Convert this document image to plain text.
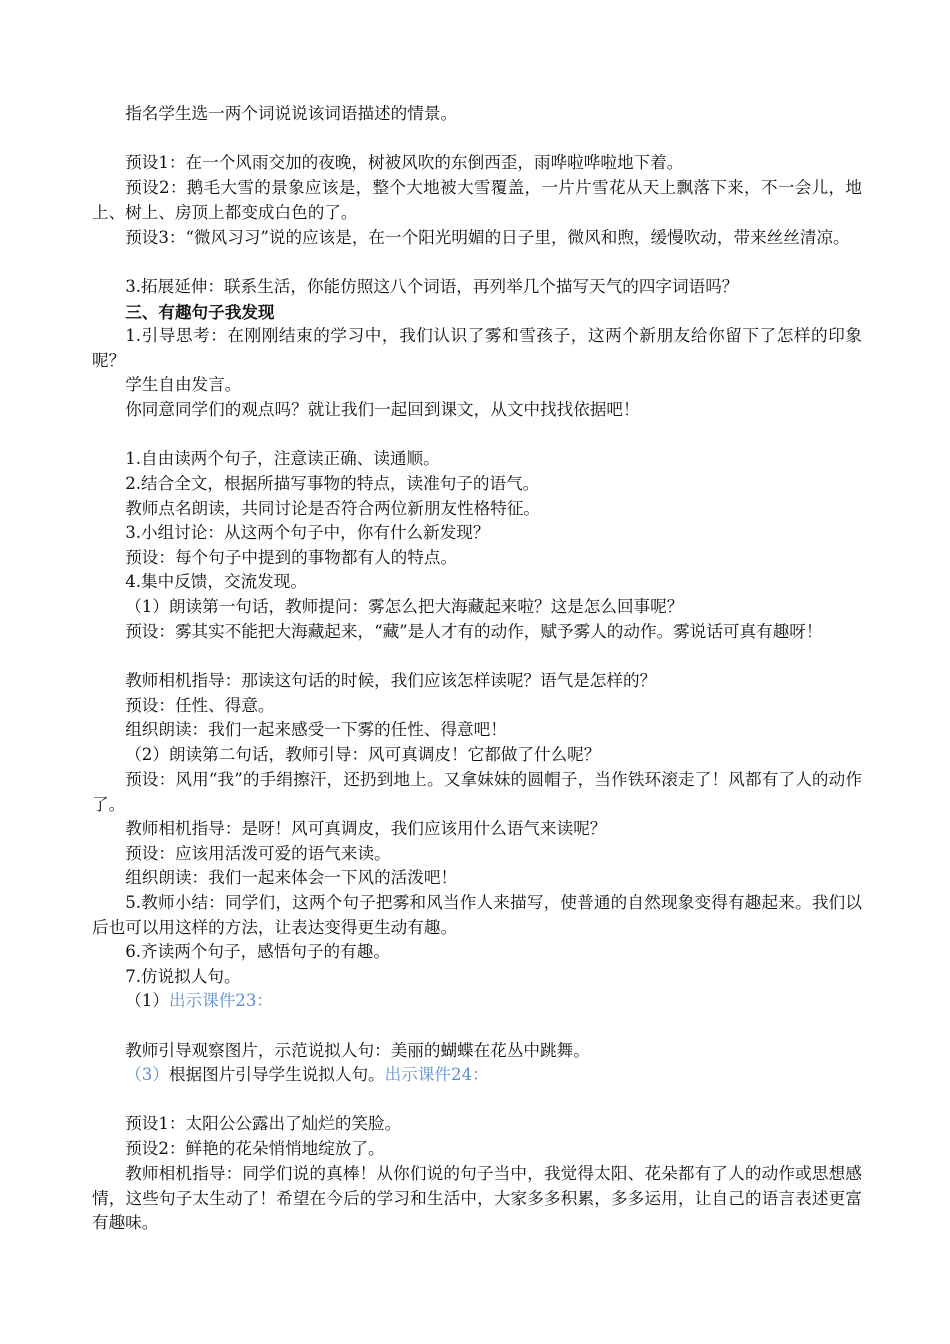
指名学生选一两个词说说该词语描述的情景。

预设1：在一个风雨交加的夜晚，树被风吹的东倒西歪，雨哗啦哗啦地下着。

预设2：鹅毛大雪的景象应该是，整个大地被大雪覆盖，一片片雪花从天上飘落下来，不一会儿，地上、树上、房顶上都变成白色的了。

预设3：“微风习习”说的应该是，在一个阳光明媚的日子里，微风和煦，缓慢吹动，带来丝丝清凉。

3.拓展延伸：联系生活，你能仿照这八个词语，再列举几个描写天气的四字词语吗？

三、有趣句子我发现

1.引导思考：在刚刚结束的学习中，我们认识了雾和雪孩子，这两个新朋友给你留下了怎样的印象呢？

学生自由发言。

你同意同学们的观点吗？就让我们一起回到课文，从文中找找依据吧！

1.自由读两个句子，注意读正确、读通顺。

2.结合全文，根据所描写事物的特点，读准句子的语气。

教师点名朗读，共同讨论是否符合两位新朋友性格特征。

3.小组讨论：从这两个句子中，你有什么新发现？

预设：每个句子中提到的事物都有人的特点。

4.集中反馈，交流发现。

（1）朗读第一句话，教师提问：雾怎么把大海藏起来啦？这是怎么回事呢？

预设：雾其实不能把大海藏起来，“藏”是人才有的动作，赋予雾人的动作。雾说话可真有趣呀！

教师相机指导：那读这句话的时候，我们应该怎样读呢？语气是怎样的？

预设：任性、得意。

组织朗读：我们一起来感受一下雾的任性、得意吧！

（2）朗读第二句话，教师引导：风可真调皮！它都做了什么呢？

预设：风用“我”的手绢擦汗，还扔到地上。又拿妹妹的圆帽子，当作铁环滚走了！风都有了人的动作了。

教师相机指导：是呀！风可真调皮，我们应该用什么语气来读呢？

预设：应该用活泼可爱的语气来读。

组织朗读：我们一起来体会一下风的活泼吧！

5.教师小结：同学们，这两个句子把雾和风当作人来描写，使普通的自然现象变得有趣起来。我们以后也可以用这样的方法，让表达变得更生动有趣。

6.齐读两个句子，感悟句子的有趣。

7.仿说拟人句。

（1）出示课件23：

教师引导观察图片，示范说拟人句：美丽的蝴蝶在花丛中跳舞。

（3）根据图片引导学生说拟人句。出示课件24：

预设1：太阳公公露出了灿烂的笑脸。

预设2：鲜艳的花朵悄悄地绽放了。

教师相机指导：同学们说的真棒！从你们说的句子当中，我觉得太阳、花朵都有了人的动作或思想感情，这些句子太生动了！希望在今后的学习和生活中，大家多多积累，多多运用，让自己的语言表述更富有趣味。
